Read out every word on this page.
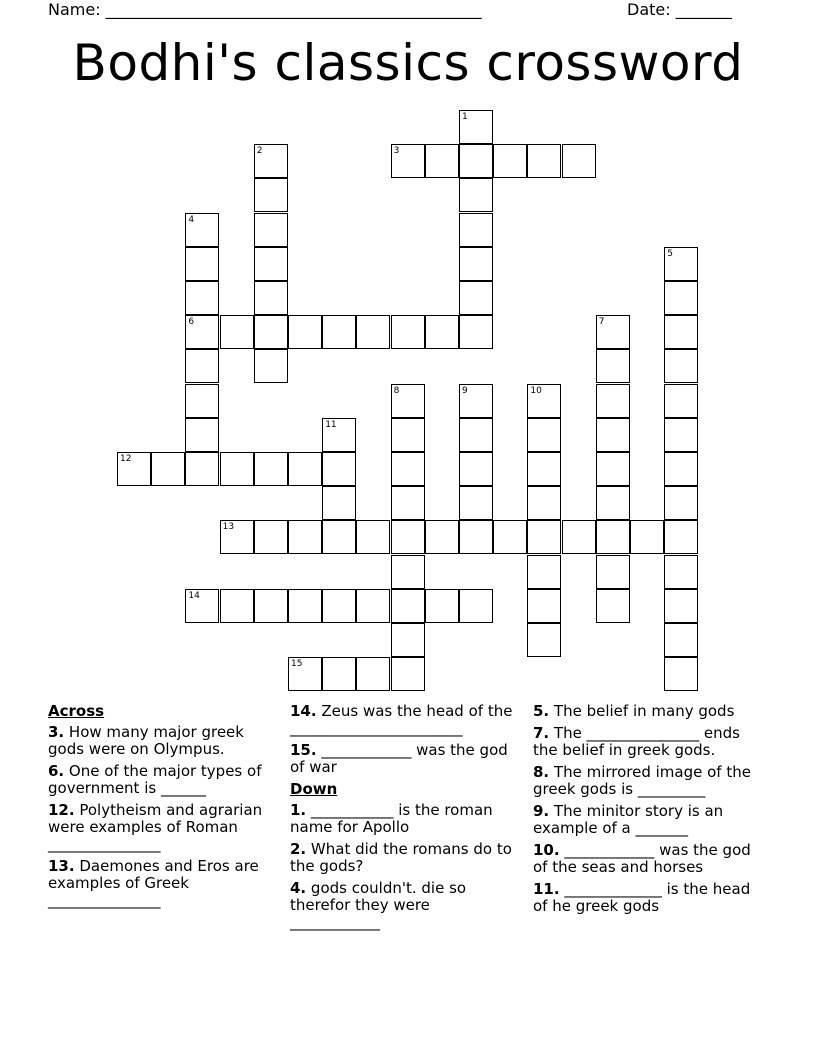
Name: _______________________________________________	Date: _______
Bodhi's classics crossword
3
6
12
13
14
15
1
2
4
5
7
8	9	10
11
Across
3. How many major greek gods were on Olympus.
6. One of the major types of government is ______
12. Polytheism and agrarian were examples of Roman _______________
13. Daemones and Eros are examples of Greek _______________
14. Zeus was the head of the _______________________
15. ____________ was the god of war
Down
1. ___________ is the roman name for Apollo
2. What did the romans do to the gods?
4. gods couldn't. die so therefor they were ____________
5. The belief in many gods
7. The _______________ ends the belief in greek gods.
8. The mirrored image of the greek gods is _________
9. The minitor story is an example of a _______
10. ____________ was the god of the seas and horses
11. _____________ is the head of he greek gods
